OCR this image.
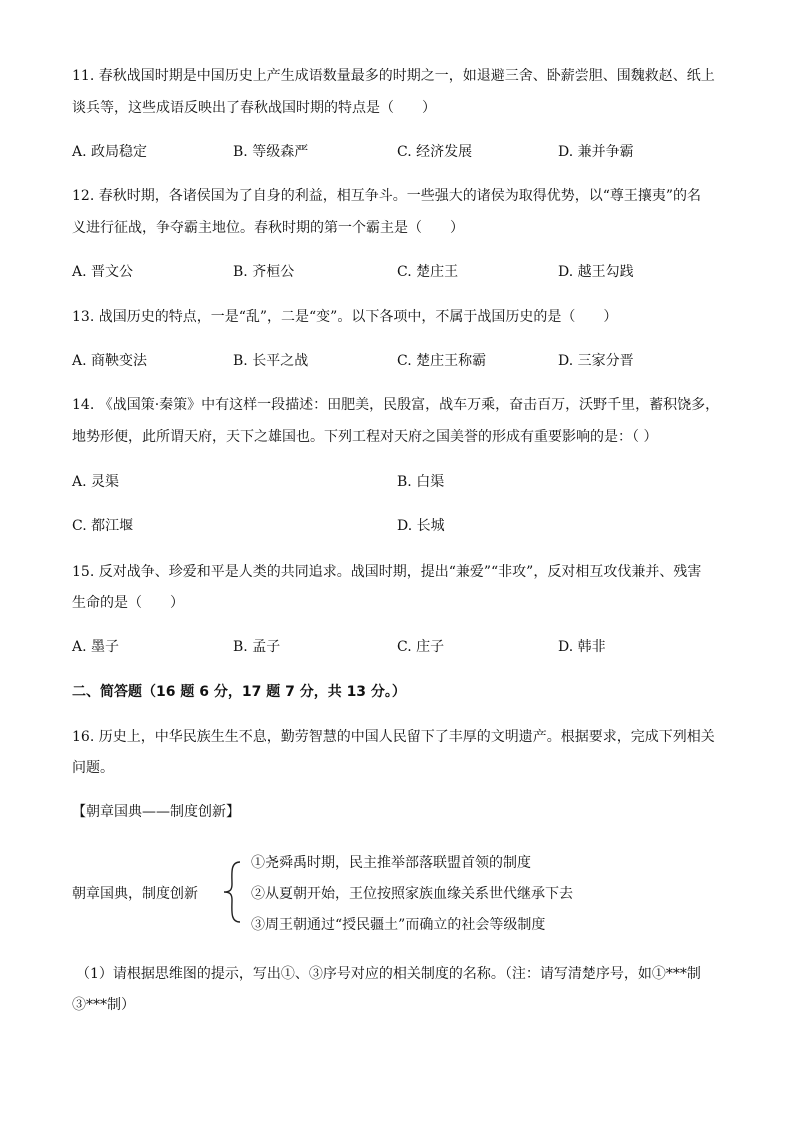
11. 春秋战国时期是中国历史上产生成语数量最多的时期之一，如退避三舍、卧薪尝胆、围魏救赵、纸上
谈兵等，这些成语反映出了春秋战国时期的特点是（　　）
A. 政局稳定	B. 等级森严	C. 经济发展	D. 兼并争霸
12. 春秋时期，各诸侯国为了自身的利益，相互争斗。一些强大的诸侯为取得优势，以“尊王攘夷”的名
义进行征战，争夺霸主地位。春秋时期的第一个霸主是（　　）
A. 晋文公	B. 齐桓公	C. 楚庄王	D. 越王勾践
13. 战国历史的特点，一是“乱”，二是“变”。以下各项中，不属于战国历史的是（　　）
A. 商鞅变法	B. 长平之战	C. 楚庄王称霸	D. 三家分晋
14. 《战国策·秦策》中有这样一段描述：田肥美，民殷富，战车万乘，奋击百万，沃野千里，蓄积饶多，
地势形便，此所谓天府，天下之雄国也。下列工程对天府之国美誉的形成有重要影响的是：（ ）
A. 灵渠	B. 白渠
C. 都江堰	D. 长城
15. 反对战争、珍爱和平是人类的共同追求。战国时期，提出“兼爱”“非攻”，反对相互攻伐兼并、残害
生命的是（　　）
A. 墨子	B. 孟子	C. 庄子	D. 韩非
二、简答题（16 题 6 分，17 题 7 分，共 13 分。）
16. 历史上，中华民族生生不息，勤劳智慧的中国人民留下了丰厚的文明遗产。根据要求，完成下列相关
问题。
【朝章国典——制度创新】
朝章国典，制度创新
①尧舜禹时期，民主推举部落联盟首领的制度
②从夏朝开始，王位按照家族血缘关系世代继承下去
③周王朝通过“授民疆土”而确立的社会等级制度
（1）请根据思维图的提示，写出①、③序号对应的相关制度的名称。（注：请写清楚序号，如①***制
③***制）
